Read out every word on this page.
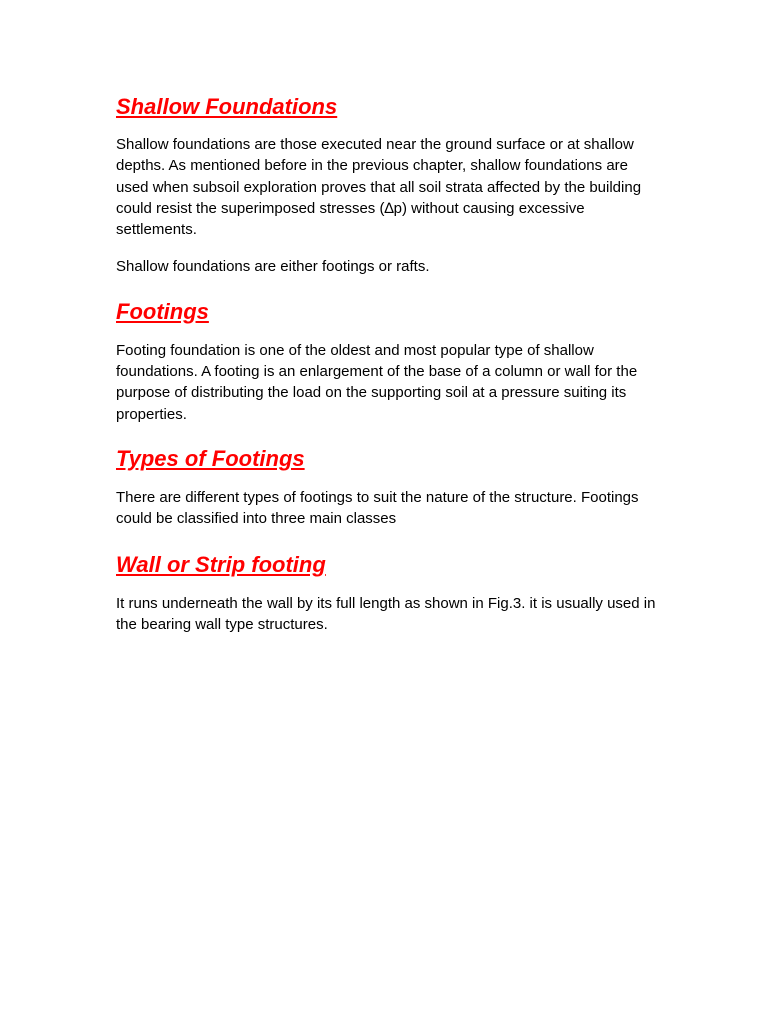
Shallow Foundations

Shallow foundations are those executed near the ground surface or at shallow depths. As mentioned before in the previous chapter, shallow foundations are used when subsoil exploration proves that all soil strata affected by the building could resist the superimposed stresses (∆p) without causing excessive settlements.

Shallow foundations are either footings or rafts.

Footings

Footing foundation is one of the oldest and most popular type of shallow foundations. A footing is an enlargement of the base of a column or wall for the purpose of distributing the load on the supporting soil at a pressure suiting its properties.

Types of Footings

There are different types of footings to suit the nature of the structure. Footings could be classified into three main classes

Wall or Strip footing

It runs underneath the wall by its full length as shown in Fig.3. it is usually used in the bearing wall type structures.
